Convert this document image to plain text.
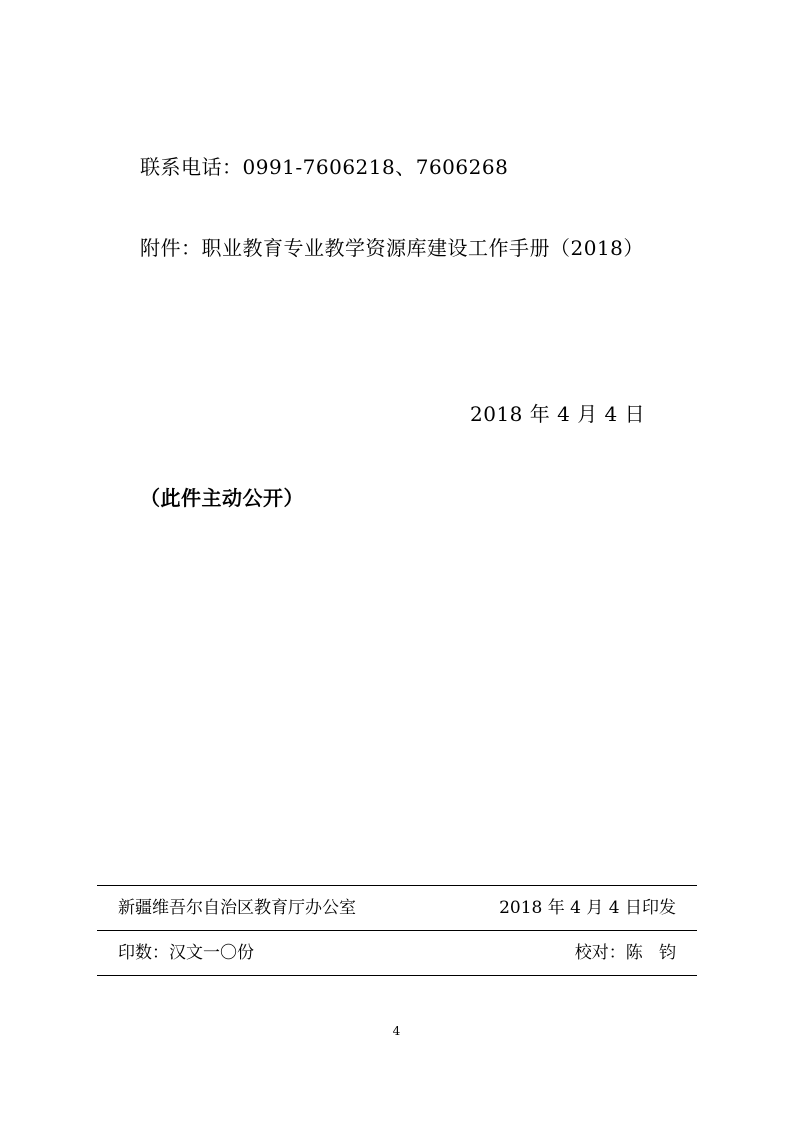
联系电话：0991-7606218、7606268
附件：职业教育专业教学资源库建设工作手册（2018）
2018 年 4 月 4 日
（此件主动公开）
新疆维吾尔自治区教育厅办公室	2018 年 4 月 4 日印发
印数：汉文一〇份	校对：陈   钧
4
